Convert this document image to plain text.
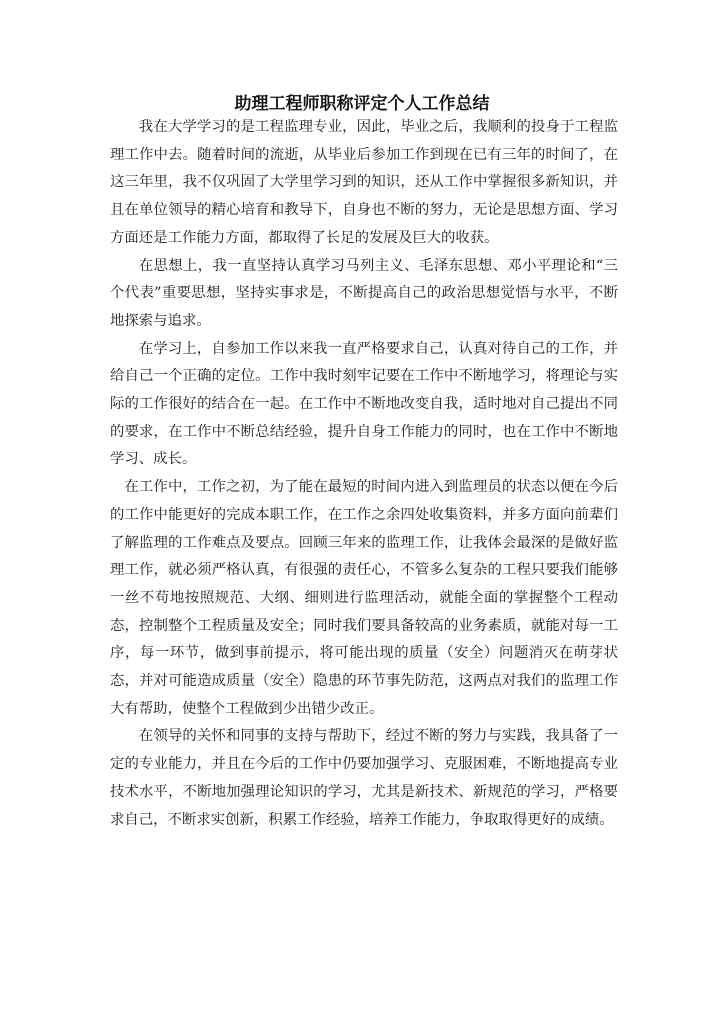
助理工程师职称评定个人工作总结

我在大学学习的是工程监理专业，因此，毕业之后，我顺利的投身于工程监理工作中去。随着时间的流逝，从毕业后参加工作到现在已有三年的时间了，在这三年里，我不仅巩固了大学里学习到的知识，还从工作中掌握很多新知识，并且在单位领导的精心培育和教导下，自身也不断的努力，无论是思想方面、学习方面还是工作能力方面，都取得了长足的发展及巨大的收获。

在思想上，我一直坚持认真学习马列主义、毛泽东思想、邓小平理论和“三个代表”重要思想，坚持实事求是，不断提高自己的政治思想觉悟与水平，不断地探索与追求。

在学习上，自参加工作以来我一直严格要求自己，认真对待自己的工作，并给自己一个正确的定位。工作中我时刻牢记要在工作中不断地学习，将理论与实际的工作很好的结合在一起。在工作中不断地改变自我，适时地对自己提出不同的要求，在工作中不断总结经验，提升自身工作能力的同时，也在工作中不断地学习、成长。

在工作中，工作之初，为了能在最短的时间内进入到监理员的状态以便在今后的工作中能更好的完成本职工作，在工作之余四处收集资料，并多方面向前辈们了解监理的工作难点及要点。回顾三年来的监理工作，让我体会最深的是做好监理工作，就必须严格认真，有很强的责任心，不管多么复杂的工程只要我们能够一丝不苟地按照规范、大纲、细则进行监理活动，就能全面的掌握整个工程动态，控制整个工程质量及安全；同时我们要具备较高的业务素质，就能对每一工序，每一环节，做到事前提示，将可能出现的质量（安全）问题消灭在萌芽状态，并对可能造成质量（安全）隐患的环节事先防范，这两点对我们的监理工作大有帮助，使整个工程做到少出错少改正。

在领导的关怀和同事的支持与帮助下，经过不断的努力与实践，我具备了一定的专业能力，并且在今后的工作中仍要加强学习、克服困难，不断地提高专业技术水平，不断地加强理论知识的学习，尤其是新技术、新规范的学习，严格要求自己，不断求实创新，积累工作经验，培养工作能力，争取取得更好的成绩。
